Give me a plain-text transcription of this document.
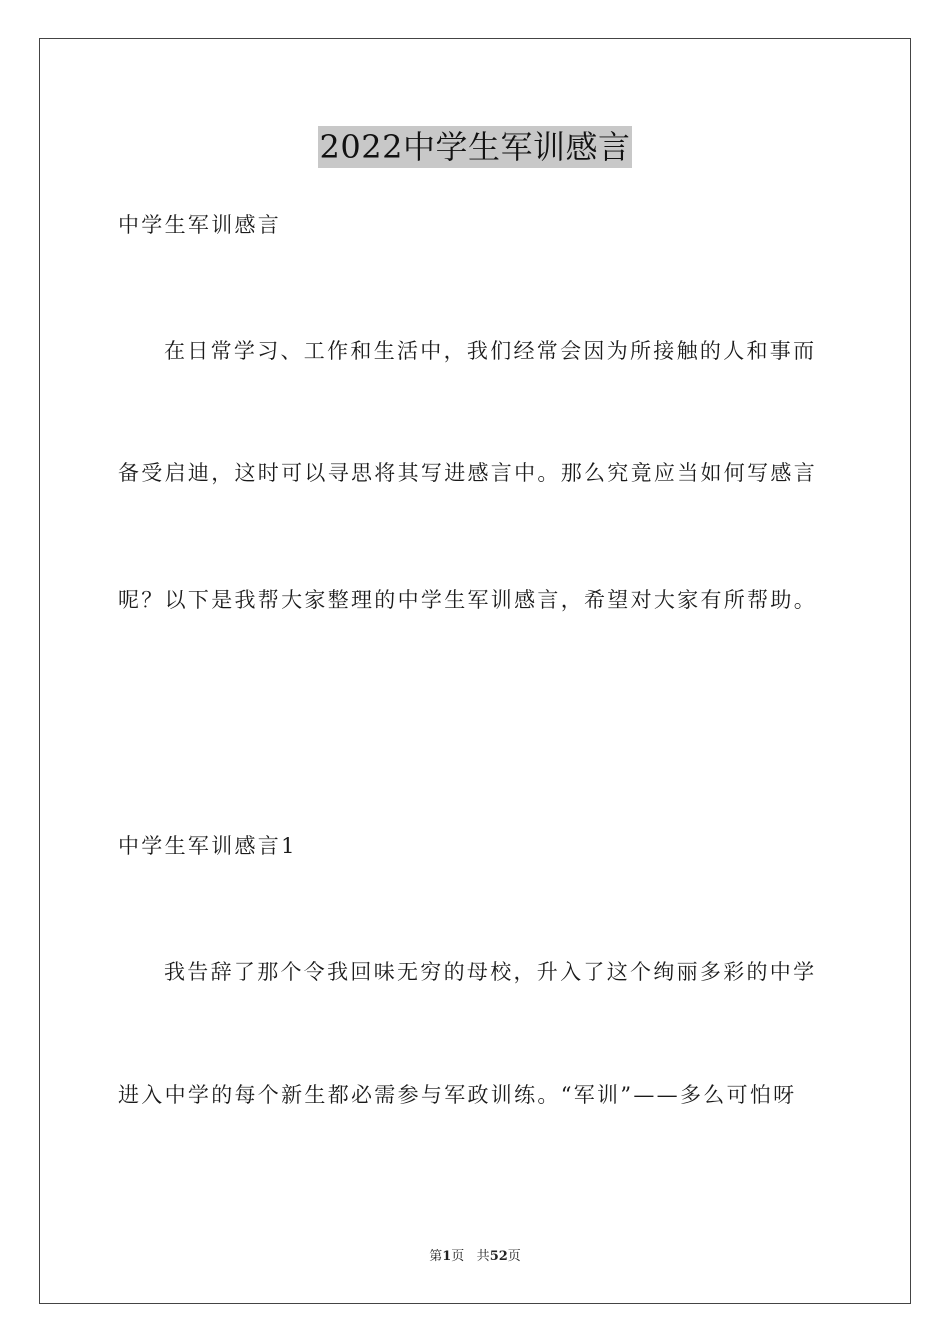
2022中学生军训感言
中学生军训感言
在日常学习、工作和生活中，我们经常会因为所接触的人和事而
备受启迪，这时可以寻思将其写进感言中。那么究竟应当如何写感言
呢？以下是我帮大家整理的中学生军训感言，希望对大家有所帮助。
中学生军训感言1
我告辞了那个令我回味无穷的母校，升入了这个绚丽多彩的中学
进入中学的每个新生都必需参与军政训练。“军训”——多么可怕呀
第1页 共52页
